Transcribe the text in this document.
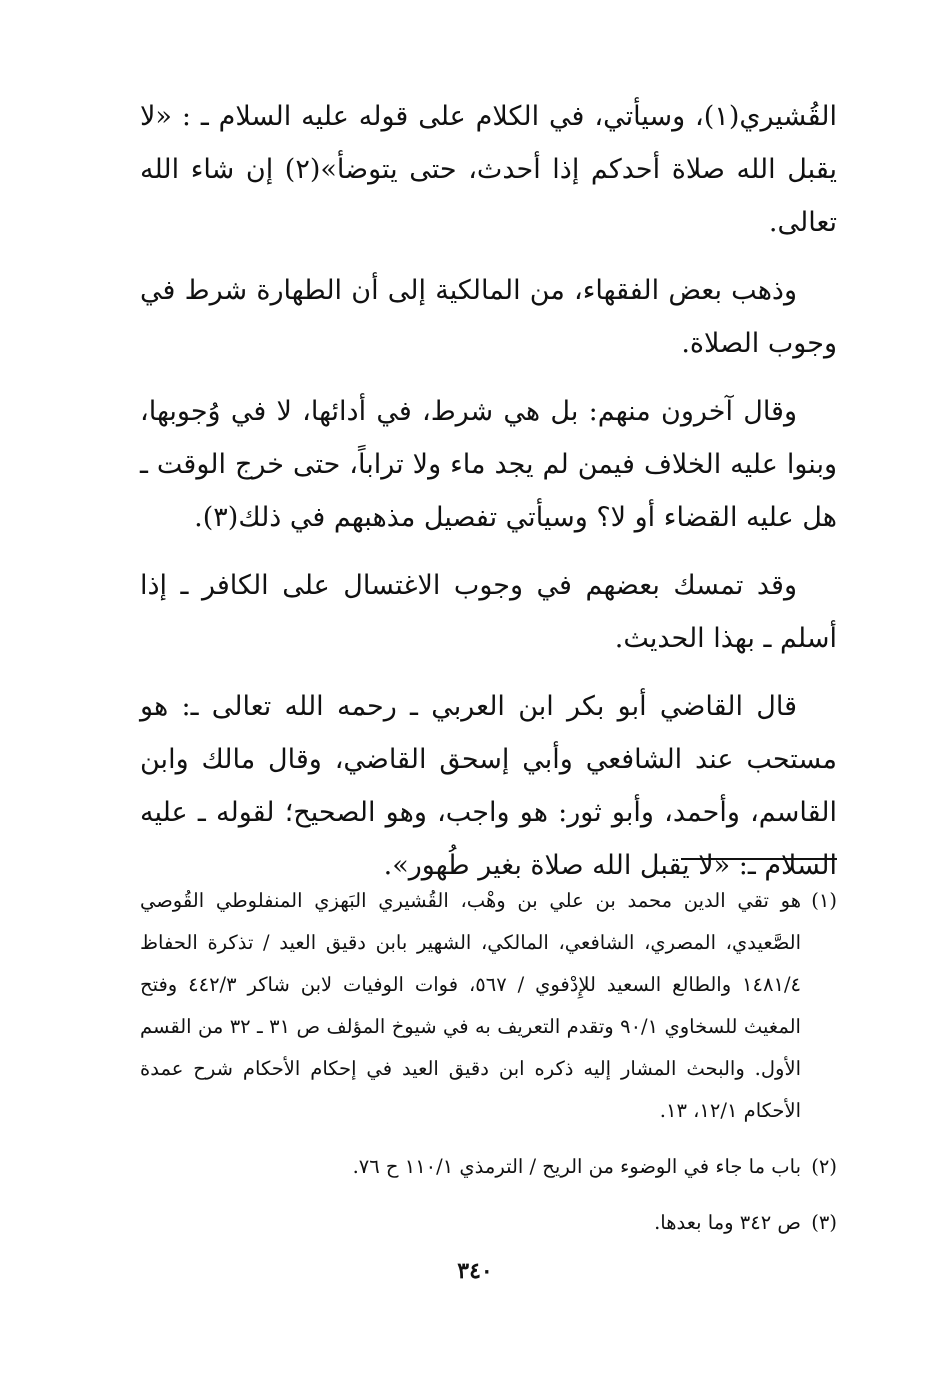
القُشيري(١)، وسيأتي، في الكلام على قوله عليه السلام ـ : «لا يقبل الله صلاة أحدكم إذا أحدث، حتى يتوضأ»(٢) إن شاء الله تعالى.

وذهب بعض الفقهاء، من المالكية إلى أن الطهارة شرط في وجوب الصلاة.

وقال آخرون منهم: بل هي شرط، في أدائها، لا في وُجوبها، وبنوا عليه الخلاف فيمن لم يجد ماء ولا تراباً، حتى خرج الوقت ـ هل عليه القضاء أو لا؟ وسيأتي تفصيل مذهبهم في ذلك(٣).

وقد تمسك بعضهم في وجوب الاغتسال على الكافر ـ إذا أسلم ـ بهذا الحديث.

قال القاضي أبو بكر ابن العربي ـ رحمه الله تعالى ـ: هو مستحب عند الشافعي وأبي إسحق القاضي، وقال مالك وابن القاسم، وأحمد، وأبو ثور: هو واجب، وهو الصحيح؛ لقوله ـ عليه السلام ـ: «لا يقبل الله صلاة بغير طُهور».

(١)
هو تقي الدين محمد بن علي بن وهْب، القُشيري البَهزي المنفلوطي القُوصي الصَّعيدي، المصري، الشافعي، المالكي، الشهير بابن دقيق العيد / تذكرة الحفاظ ١٤٨١/٤ والطالع السعيد للإِدْفوي / ٥٦٧، فوات الوفيات لابن شاكر ٤٤٢/٣ وفتح المغيث للسخاوي ٩٠/١ وتقدم التعريف به في شيوخ المؤلف ص ٣١ ـ ٣٢ من القسم الأول. والبحث المشار إليه ذكره ابن دقيق العيد في إحكام الأحكام شرح عمدة الأحكام ١٢/١، ١٣.
(٢)
باب ما جاء في الوضوء من الريح / الترمذي ١١٠/١ ح ٧٦.
(٣)
ص ٣٤٢ وما بعدها.
٣٤٠
